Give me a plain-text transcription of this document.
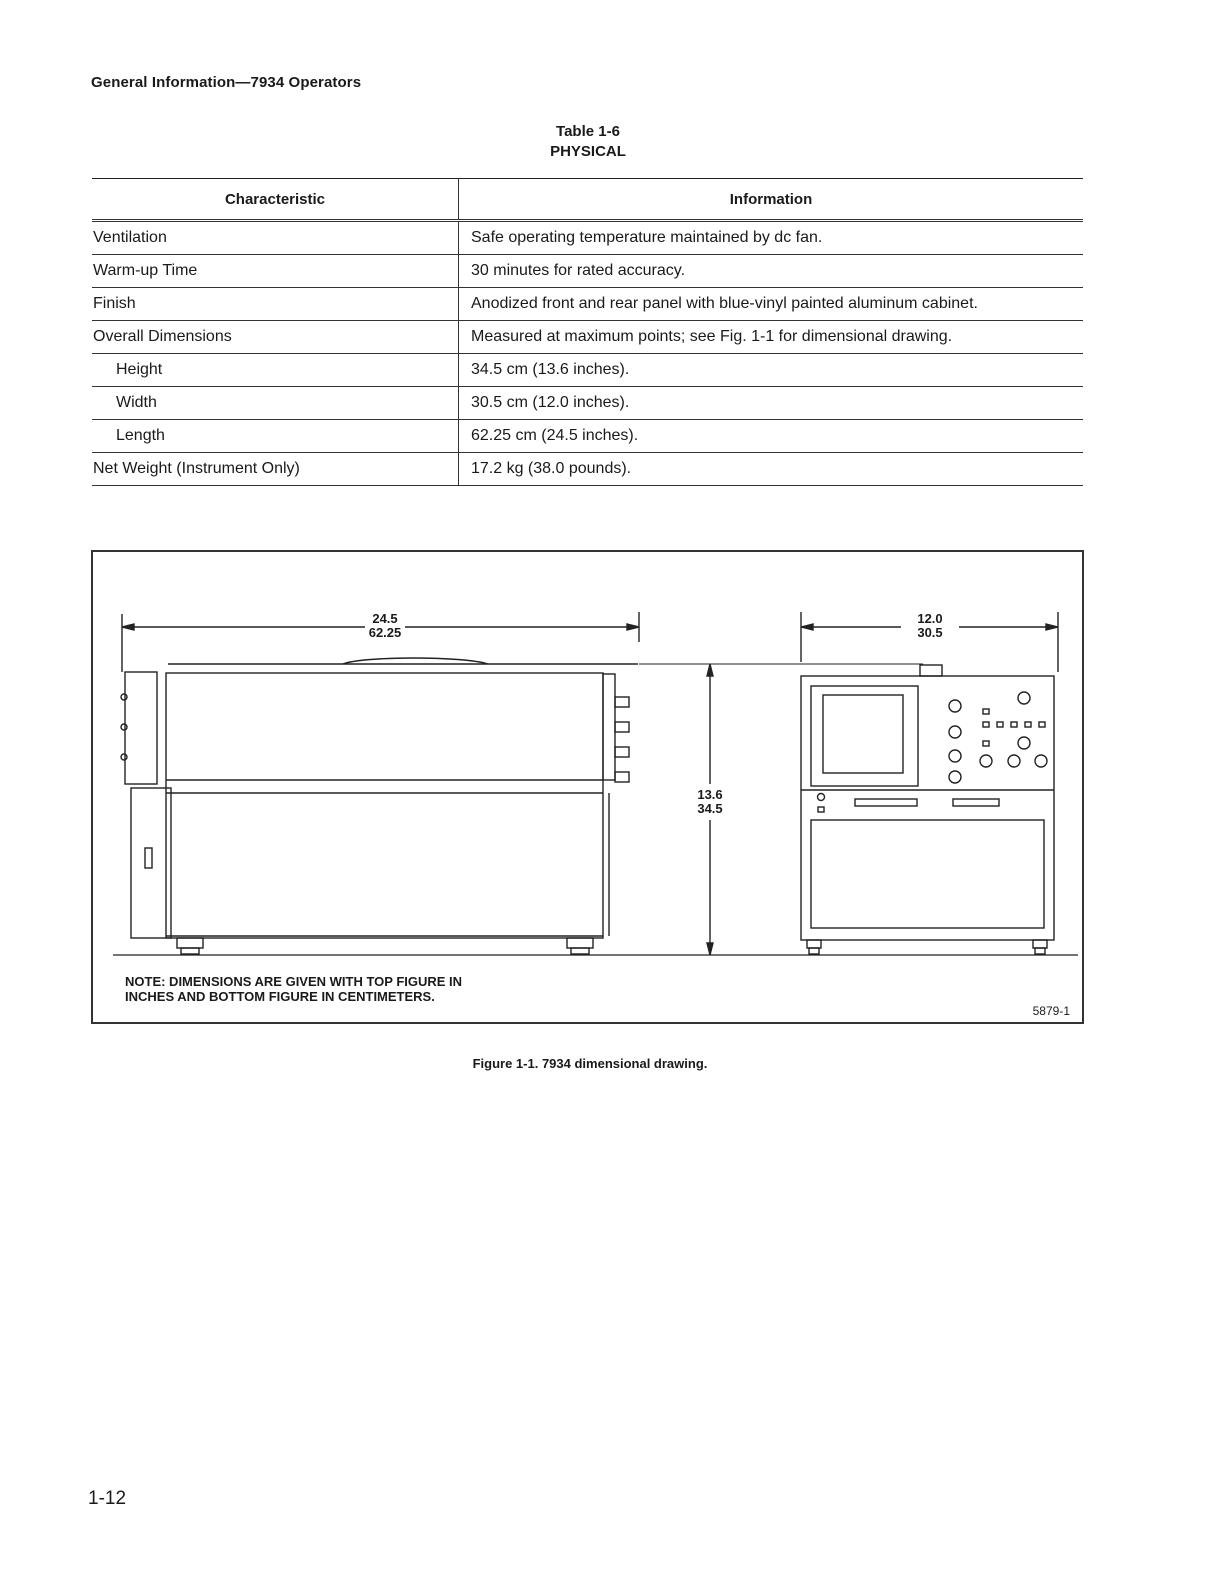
General Information—7934 Operators
Table 1-6
PHYSICAL
Characteristic	Information
Ventilation	Safe operating temperature maintained by dc fan.
Warm-up Time	30 minutes for rated accuracy.
Finish	Anodized front and rear panel with blue-vinyl painted aluminum cabinet.
Overall Dimensions	Measured at maximum points; see Fig. 1-1 for dimensional drawing.
Height	34.5 cm (13.6 inches).
Width	30.5 cm (12.0 inches).
Length	62.25 cm (24.5 inches).
Net Weight (Instrument Only)	17.2 kg (38.0 pounds).
24.5
62.25
12.0
30.5
13.6
34.5
NOTE: DIMENSIONS ARE GIVEN WITH TOP FIGURE IN INCHES AND BOTTOM FIGURE IN CENTIMETERS.
5879-1
Figure 1-1. 7934 dimensional drawing.
1-12
